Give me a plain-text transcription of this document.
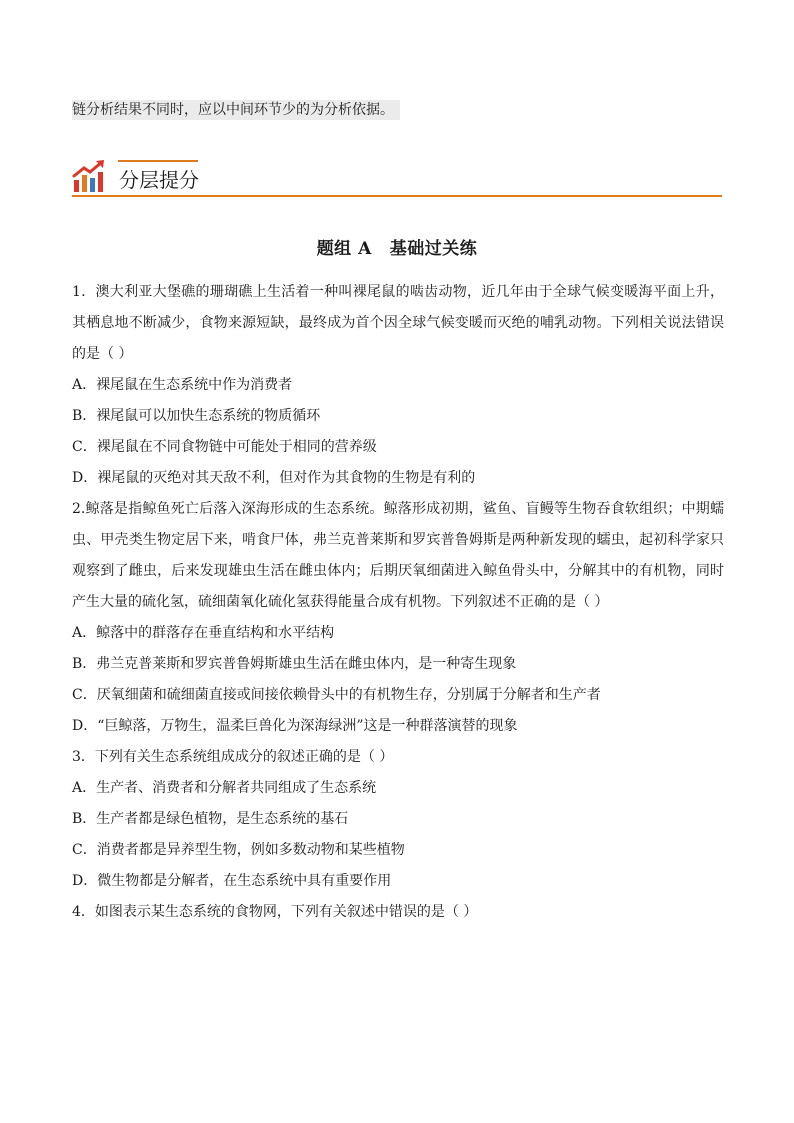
链分析结果不同时，应以中间环节少的为分析依据。
分层提分
题组 A 基础过关练

1．澳大利亚大堡礁的珊瑚礁上生活着一种叫裸尾鼠的啮齿动物，近几年由于全球气候变暖海平面上升，其栖息地不断减少，食物来源短缺，最终成为首个因全球气候变暖而灭绝的哺乳动物。下列相关说法错误的是（ ）

A．裸尾鼠在生态系统中作为消费者

B．裸尾鼠可以加快生态系统的物质循环

C．裸尾鼠在不同食物链中可能处于相同的营养级

D．裸尾鼠的灭绝对其天敌不利，但对作为其食物的生物是有利的

2.鲸落是指鲸鱼死亡后落入深海形成的生态系统。鲸落形成初期，鲨鱼、盲鳗等生物吞食软组织；中期蠕虫、甲壳类生物定居下来，啃食尸体，弗兰克普莱斯和罗宾普鲁姆斯是两种新发现的蠕虫，起初科学家只观察到了雌虫，后来发现雄虫生活在雌虫体内；后期厌氧细菌进入鲸鱼骨头中，分解其中的有机物，同时产生大量的硫化氢，硫细菌氧化硫化氢获得能量合成有机物。下列叙述不正确的是（ ）

A．鲸落中的群落存在垂直结构和水平结构

B．弗兰克普莱斯和罗宾普鲁姆斯雄虫生活在雌虫体内，是一种寄生现象

C．厌氧细菌和硫细菌直接或间接依赖骨头中的有机物生存，分别属于分解者和生产者

D．“巨鲸落，万物生，温柔巨兽化为深海绿洲”这是一种群落演替的现象

3．下列有关生态系统组成成分的叙述正确的是（ ）

A．生产者、消费者和分解者共同组成了生态系统

B．生产者都是绿色植物，是生态系统的基石

C．消费者都是异养型生物，例如多数动物和某些植物

D．微生物都是分解者，在生态系统中具有重要作用

4．如图表示某生态系统的食物网，下列有关叙述中错误的是（ ）
